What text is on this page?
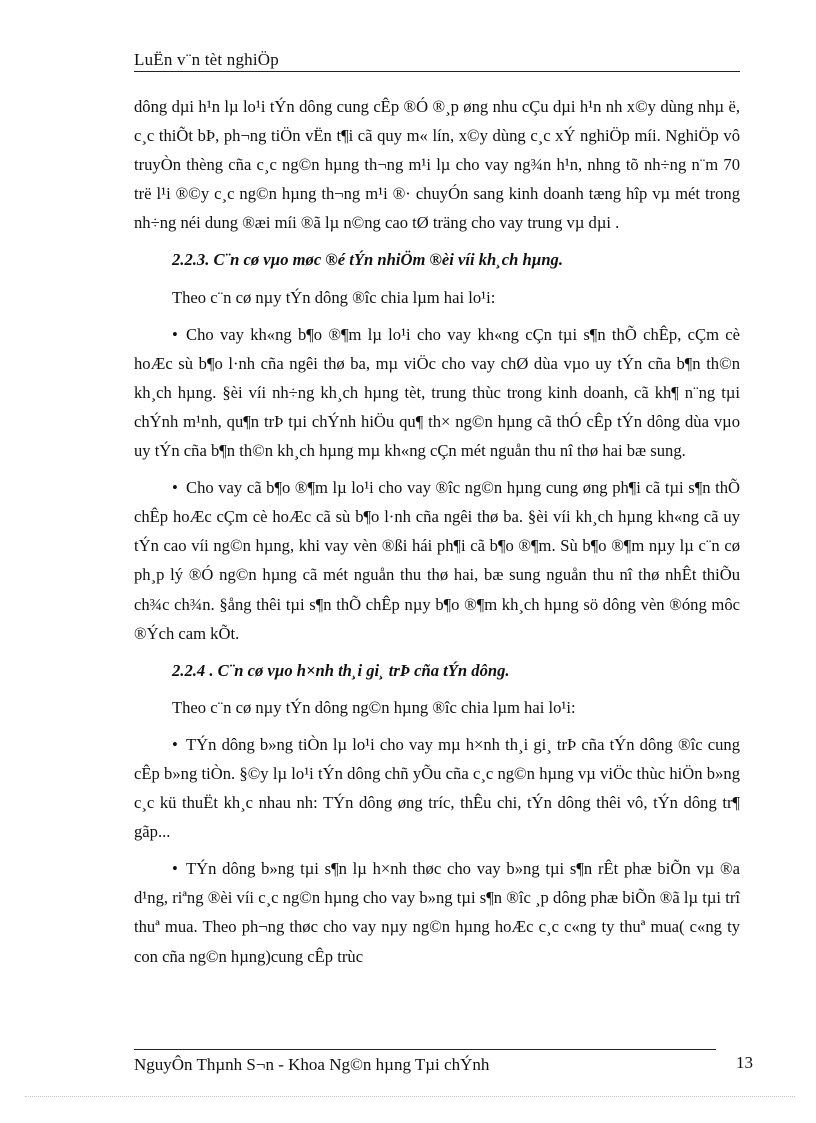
LuËn v¨n tèt nghiÖp

dông dµi h¹n lµ lo¹i tÝn dông cung cÊp ®Ó ®¸p øng nhu cÇu dµi h¹n nh x©y dùng nhµ ë, c¸c thiÕt bÞ, ph¬ng tiÖn vËn t¶i cã quy m« lín, x©y dùng c¸c xÝ nghiÖp míi. NghiÖp vô truyÒn thèng cña c¸c ng©n hµng th¬ng m¹i lµ cho vay ng¾n h¹n, nhng tõ nh÷ng n¨m 70 trë l¹i ®©y c¸c ng©n hµng th¬ng m¹i ®· chuyÓn sang kinh doanh tæng hîp vµ mét trong nh÷ng néi dung ®æi míi ®ã lµ n©ng cao tØ träng cho vay trung vµ dµi .

2.2.3. C¨n cø vµo møc ®é tÝn nhiÖm ®èi víi kh¸ch hµng.

Theo c¨n cø nµy tÝn dông ®îc chia lµm hai lo¹i:

• Cho vay kh«ng b¶o ®¶m lµ lo¹i cho vay kh«ng cÇn tµi s¶n thÕ chÊp, cÇm cè hoÆc sù b¶o l·nh cña ngêi thø ba, mµ viÖc cho vay chØ dùa vµo uy tÝn cña b¶n th©n kh¸ch hµng. §èi víi nh÷ng kh¸ch hµng tèt, trung thùc trong kinh doanh, cã kh¶ n¨ng tµi chÝnh m¹nh, qu¶n trÞ tµi chÝnh hiÖu qu¶ th× ng©n hµng cã thÓ cÊp tÝn dông dùa vµo uy tÝn cña b¶n th©n kh¸ch hµng mµ kh«ng cÇn mét nguån thu nî thø hai bæ sung.

• Cho vay cã b¶o ®¶m lµ lo¹i cho vay ®îc ng©n hµng cung øng ph¶i cã tµi s¶n thÕ chÊp hoÆc cÇm cè hoÆc cã sù b¶o l·nh cña ngêi thø ba. §èi víi kh¸ch hµng kh«ng cã uy tÝn cao víi ng©n hµng, khi vay vèn ®ßi hái ph¶i cã b¶o ®¶m. Sù b¶o ®¶m nµy lµ c¨n cø ph¸p lý ®Ó ng©n hµng cã mét nguån thu thø hai, bæ sung nguån thu nî thø nhÊt thiÕu ch¾c ch¾n. §ång thêi tµi s¶n thÕ chÊp nµy b¶o ®¶m kh¸ch hµng sö dông vèn ®óng môc ®Ých cam kÕt.

2.2.4 . C¨n cø vµo h×nh th¸i gi¸ trÞ cña tÝn dông.

Theo c¨n cø nµy tÝn dông ng©n hµng ®îc chia lµm hai lo¹i:

• TÝn dông b»ng tiÒn lµ lo¹i cho vay mµ h×nh th¸i gi¸ trÞ cña tÝn dông ®îc cung cÊp b»ng tiÒn. §©y lµ lo¹i tÝn dông chñ yÕu cña c¸c ng©n hµng vµ viÖc thùc hiÖn b»ng c¸c kü thuËt kh¸c nhau nh: TÝn dông øng tríc, thÊu chi, tÝn dông thêi vô, tÝn dông tr¶ gãp...

• TÝn dông b»ng tµi s¶n lµ h×nh thøc cho vay b»ng tµi s¶n rÊt phæ biÕn vµ ®a d¹ng, riªng ®èi víi c¸c ng©n hµng cho vay b»ng tµi s¶n ®îc ¸p dông phæ biÕn ®ã lµ tµi trî thuª mua. Theo ph¬ng thøc cho vay nµy ng©n hµng hoÆc c¸c c«ng ty thuª mua( c«ng ty con cña ng©n hµng)cung cÊp trùc

NguyÔn Thµnh S¬n - Khoa Ng©n hµng Tµi chÝnh	13
